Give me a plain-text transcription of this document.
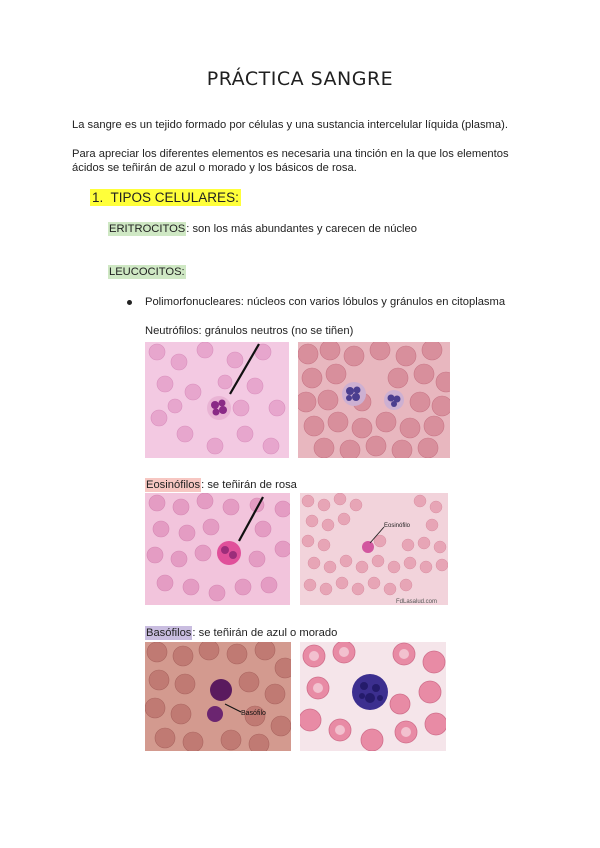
PRÁCTICA SANGRE
La sangre es un tejido formado por células y una sustancia intercelular líquida (plasma).
Para apreciar los diferentes elementos es necesaria una tinción en la que los elementos
ácidos se teñirán de azul o morado y los básicos de rosa.
1. TIPOS CELULARES:
ERITROCITOS: son los más abundantes y carecen de núcleo
LEUCOCITOS:
Polimorfonucleares: núcleos con varios lóbulos y gránulos en citoplasma
Neutrófilos: gránulos neutros (no se tiñen)
Eosinófilos: se teñirán de rosa
Eosinófilo
FdLasalud.com
Basófilos: se teñirán de azul o morado
Basófilo
